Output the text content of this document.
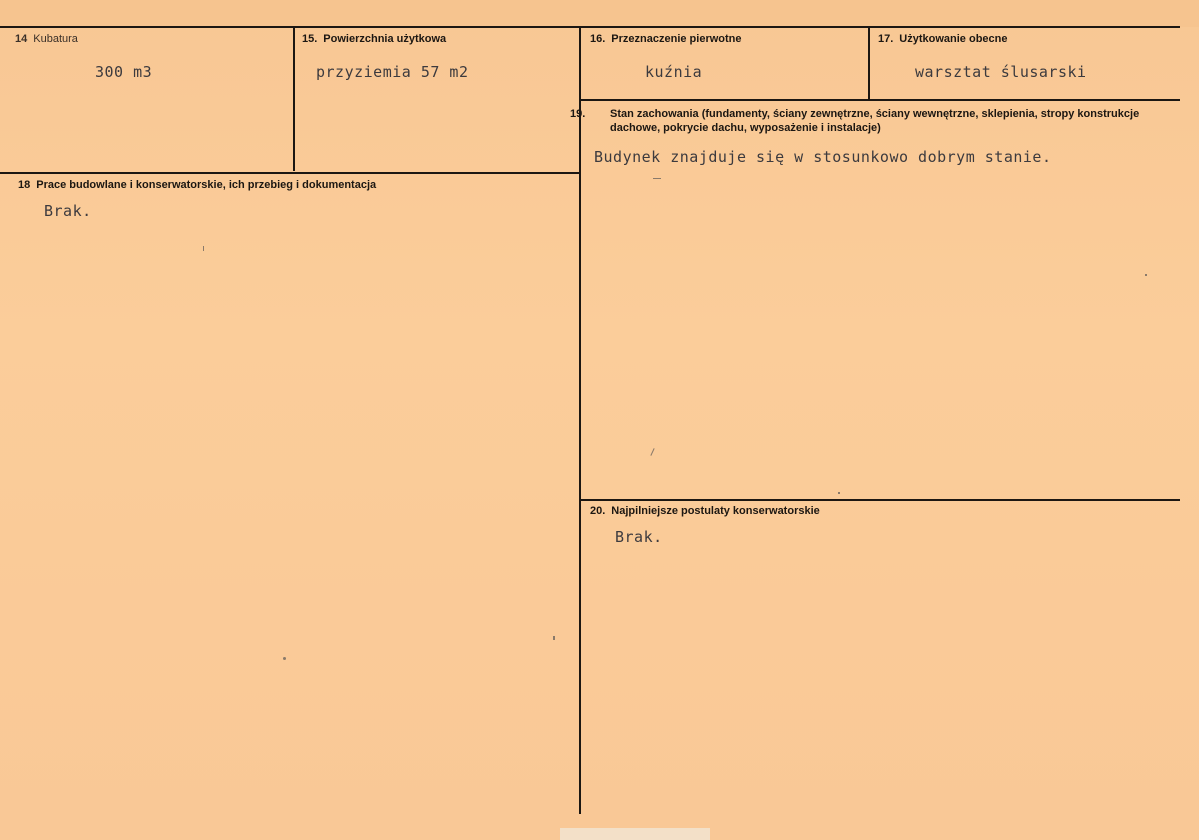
14 Kubatura
300 m3
15. Powierzchnia użytkowa
przyziemia 57 m2
16. Przeznaczenie pierwotne
kuźnia
17. Użytkowanie obecne
warsztat ślusarski
18 Prace budowlane i konserwatorskie, ich przebieg i dokumentacja
Brak.
19. Stan zachowania (fundamenty, ściany zewnętrzne, ściany wewnętrzne, sklepienia, stropy konstrukcje dachowe, pokrycie dachu, wyposażenie i instalacje)
Budynek znajduje się w stosunkowo dobrym stanie.
20. Najpilniejsze postulaty konserwatorskie
Brak.
